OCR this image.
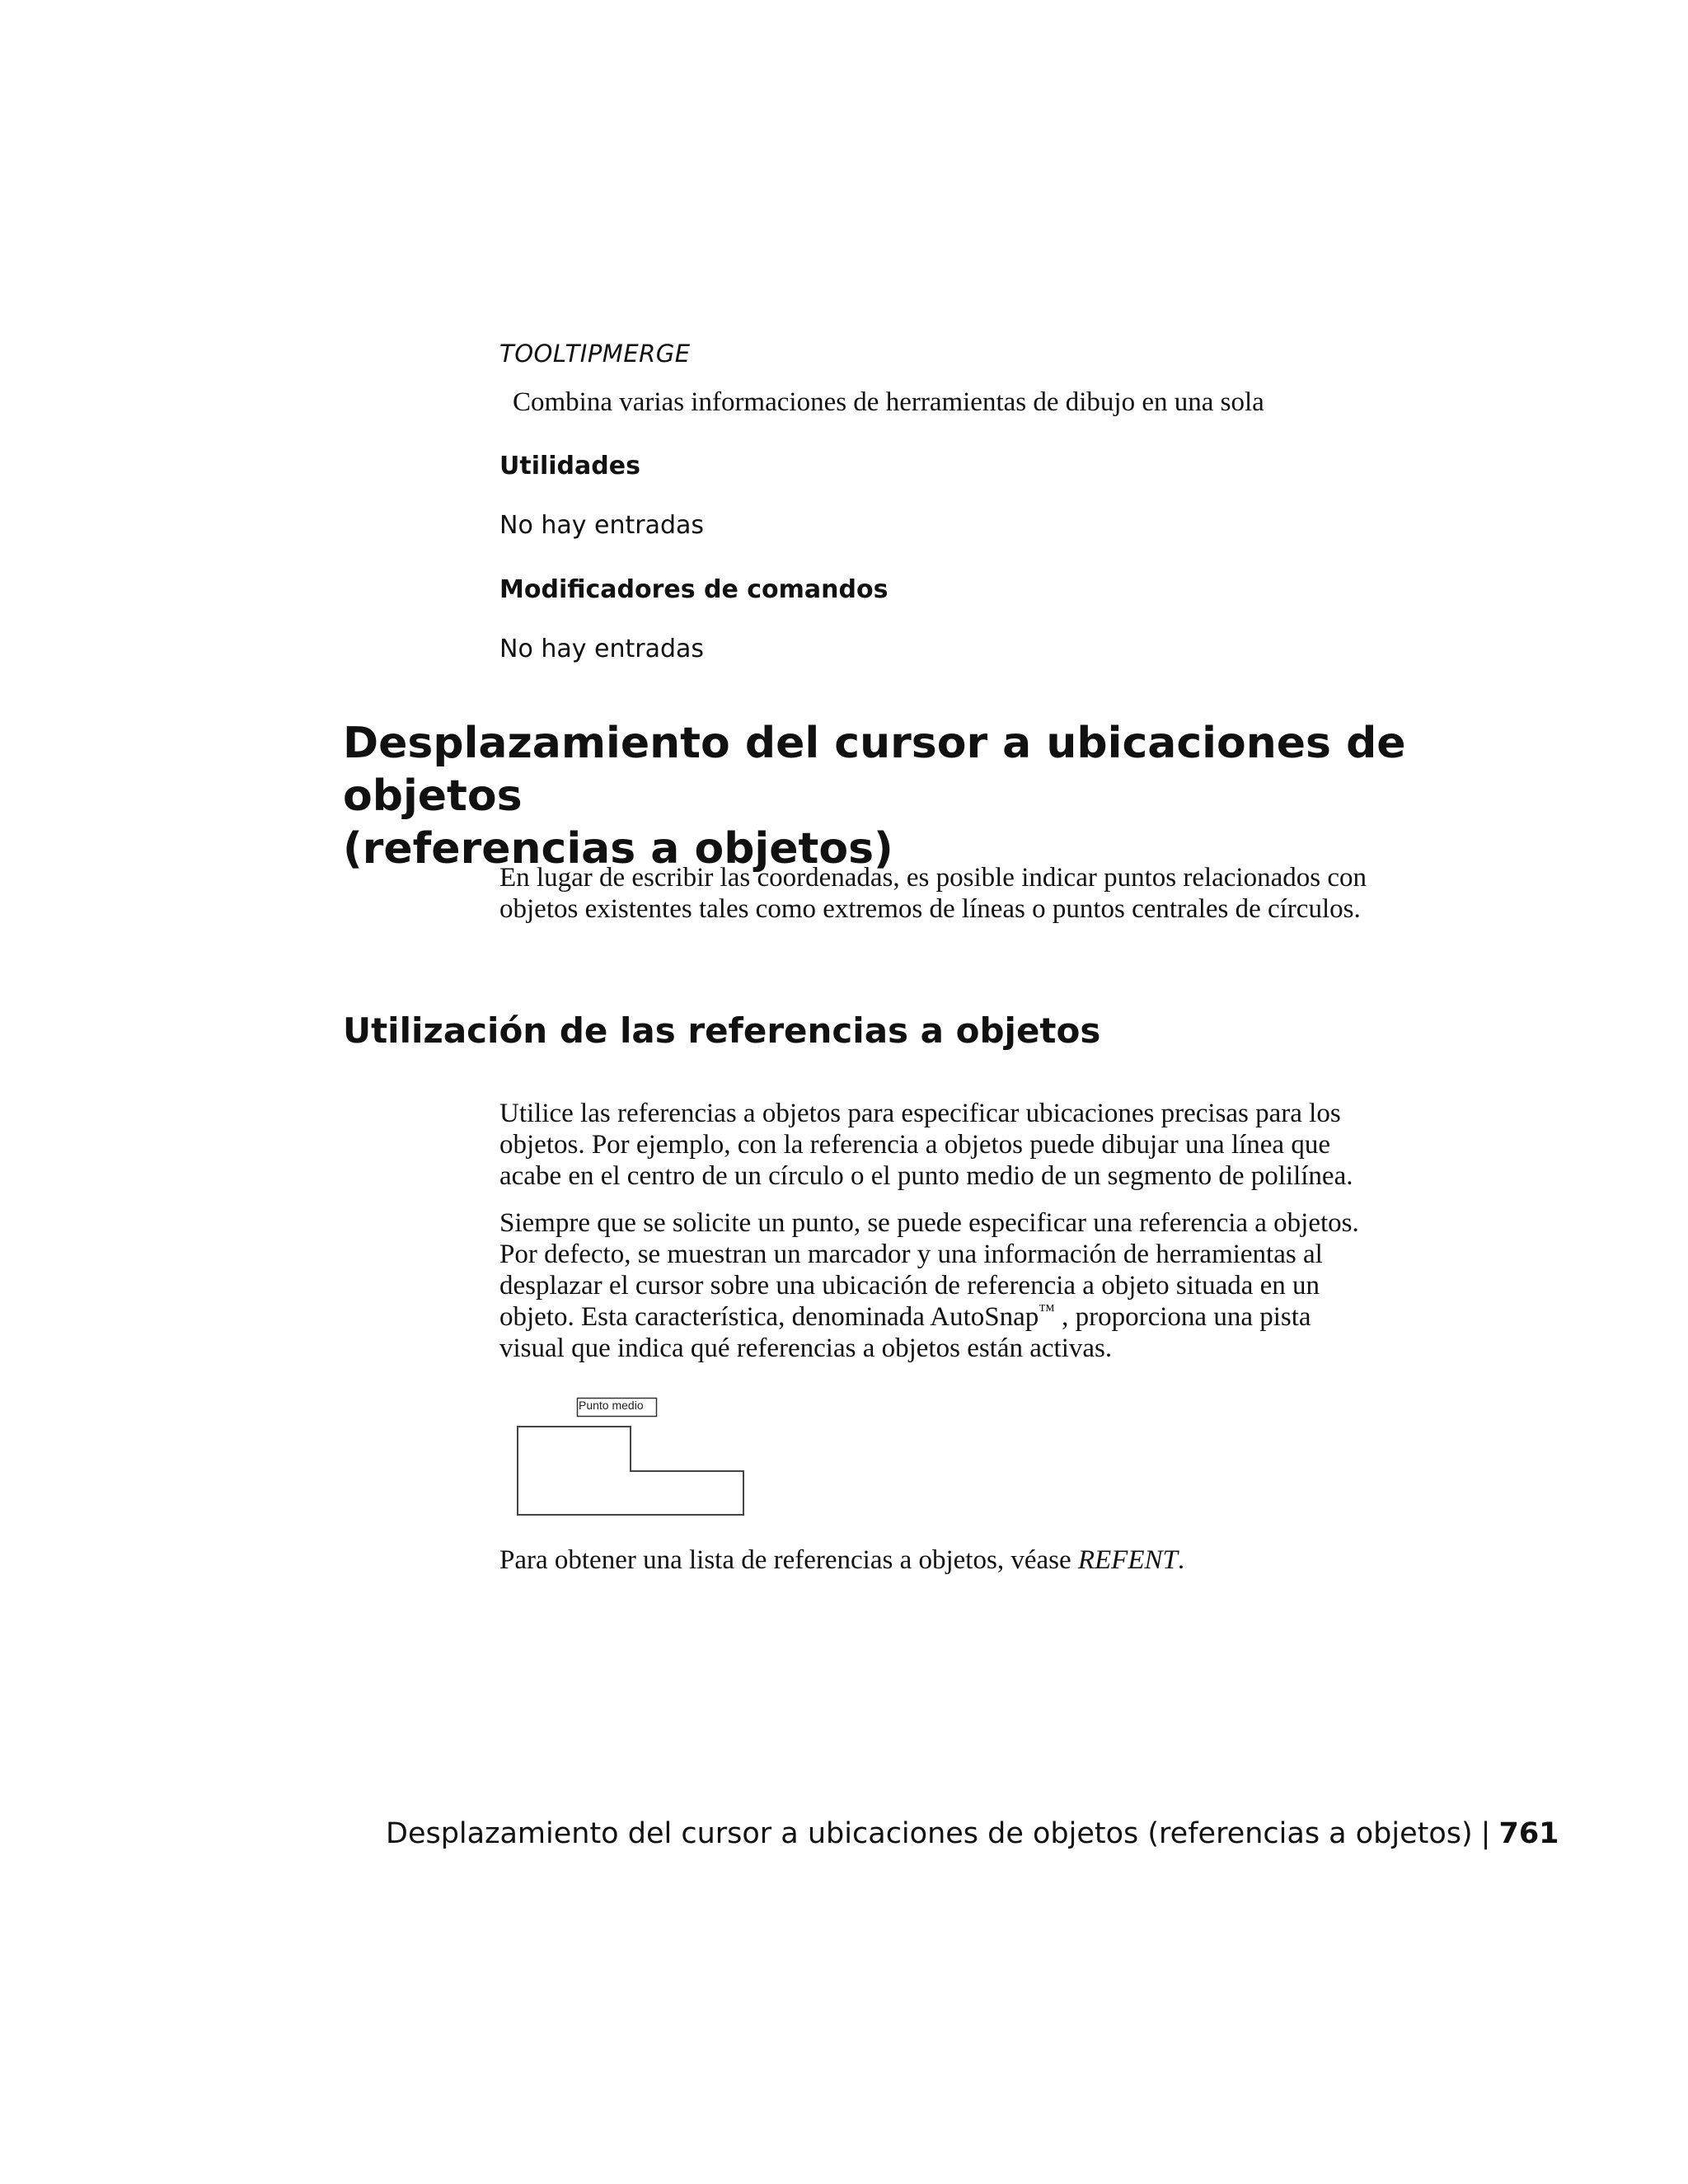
TOOLTIPMERGE
Combina varias informaciones de herramientas de dibujo en una sola
Utilidades
No hay entradas
Modificadores de comandos
No hay entradas
Desplazamiento del cursor a ubicaciones de objetos
(referencias a objetos)

En lugar de escribir las coordenadas, es posible indicar puntos relacionados con objetos existentes tales como extremos de líneas o puntos centrales de círculos.

Utilización de las referencias a objetos

Utilice las referencias a objetos para especificar ubicaciones precisas para los objetos. Por ejemplo, con la referencia a objetos puede dibujar una línea que acabe en el centro de un círculo o el punto medio de un segmento de polilínea.

Siempre que se solicite un punto, se puede especificar una referencia a objetos. Por defecto, se muestran un marcador y una información de herramientas al desplazar el cursor sobre una ubicación de referencia a objeto situada en un objeto. Esta característica, denominada AutoSnap™ , proporciona una pista visual que indica qué referencias a objetos están activas.

Punto medio

Para obtener una lista de referencias a objetos, véase REFENT.

Desplazamiento del cursor a ubicaciones de objetos (referencias a objetos) | 761
